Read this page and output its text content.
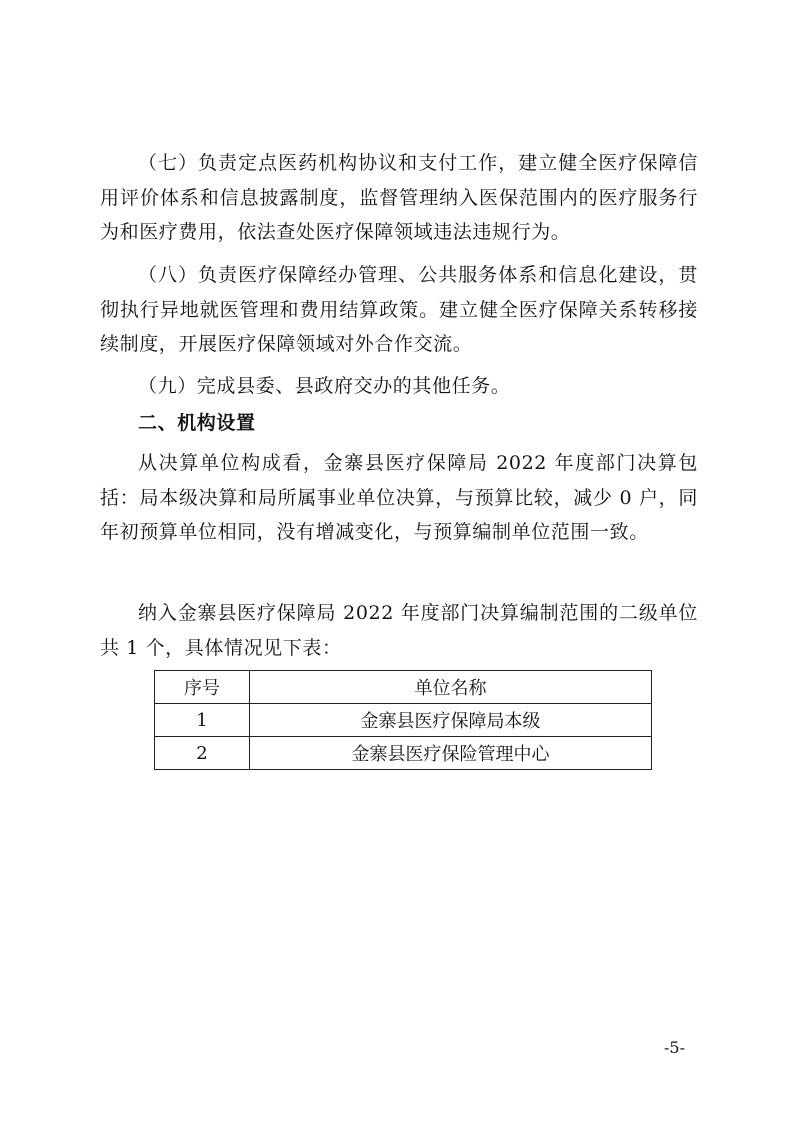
（七）负责定点医药机构协议和支付工作，建立健全医疗保障信用评价体系和信息披露制度，监督管理纳入医保范围内的医疗服务行为和医疗费用，依法查处医疗保障领域违法违规行为。

（八）负责医疗保障经办管理、公共服务体系和信息化建设，贯彻执行异地就医管理和费用结算政策。建立健全医疗保障关系转移接续制度，开展医疗保障领域对外合作交流。

（九）完成县委、县政府交办的其他任务。

二、机构设置

从决算单位构成看，金寨县医疗保障局 2022 年度部门决算包括：局本级决算和局所属事业单位决算，与预算比较，减少 0 户，同年初预算单位相同，没有增减变化，与预算编制单位范围一致。

纳入金寨县医疗保障局 2022 年度部门决算编制范围的二级单位共 1 个，具体情况见下表：

序号	单位名称
1	金寨县医疗保障局本级
2	金寨县医疗保险管理中心
-5-
